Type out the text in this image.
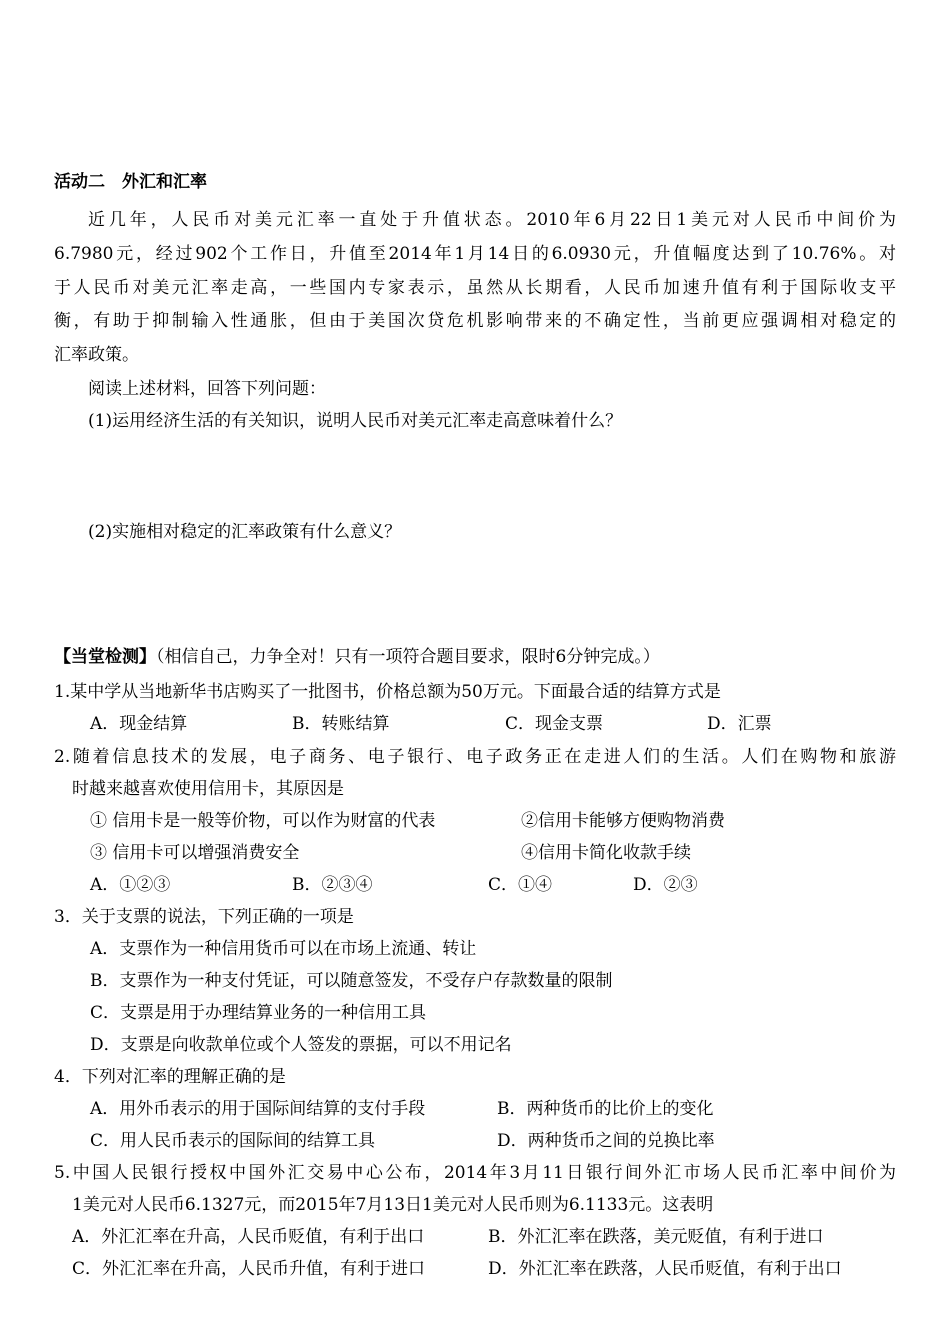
活动二　外汇和汇率
近几年，人民币对美元汇率一直处于升值状态。2010年6月22日1美元对人民币中间价为
6.7980元，经过902个工作日，升值至2014年1月14日的6.0930元，升值幅度达到了10.76%。对
于人民币对美元汇率走高，一些国内专家表示，虽然从长期看，人民币加速升值有利于国际收支平
衡，有助于抑制输入性通胀，但由于美国次贷危机影响带来的不确定性，当前更应强调相对稳定的
汇率政策。
阅读上述材料，回答下列问题：
(1)运用经济生活的有关知识，说明人民币对美元汇率走高意味着什么？
(2)实施相对稳定的汇率政策有什么意义？
【当堂检测】（相信自己，力争全对！只有一项符合题目要求，限时6分钟完成。）
1.某中学从当地新华书店购买了一批图书，价格总额为50万元。下面最合适的结算方式是
A．现金结算	B．转账结算	C．现金支票	D．汇票
2.随着信息技术的发展，电子商务、电子银行、电子政务正在走进人们的生活。人们在购物和旅游
时越来越喜欢使用信用卡，其原因是
① 信用卡是一般等价物，可以作为财富的代表	②信用卡能够方便购物消费
③ 信用卡可以增强消费安全	④信用卡简化收款手续
A．①②③	B．②③④	C．①④	D．②③
3．关于支票的说法，下列正确的一项是
A．支票作为一种信用货币可以在市场上流通、转让
B．支票作为一种支付凭证，可以随意签发，不受存户存款数量的限制
C．支票是用于办理结算业务的一种信用工具
D．支票是向收款单位或个人签发的票据，可以不用记名
4．下列对汇率的理解正确的是
A．用外币表示的用于国际间结算的支付手段	B．两种货币的比价上的变化
C．用人民币表示的国际间的结算工具	D．两种货币之间的兑换比率
5.中国人民银行授权中国外汇交易中心公布，2014年3月11日银行间外汇市场人民币汇率中间价为
1美元对人民币6.1327元，而2015年7月13日1美元对人民币则为6.1133元。这表明
A．外汇汇率在升高，人民币贬值，有利于出口	B．外汇汇率在跌落，美元贬值，有利于进口
C．外汇汇率在升高，人民币升值，有利于进口	D．外汇汇率在跌落，人民币贬值，有利于出口
